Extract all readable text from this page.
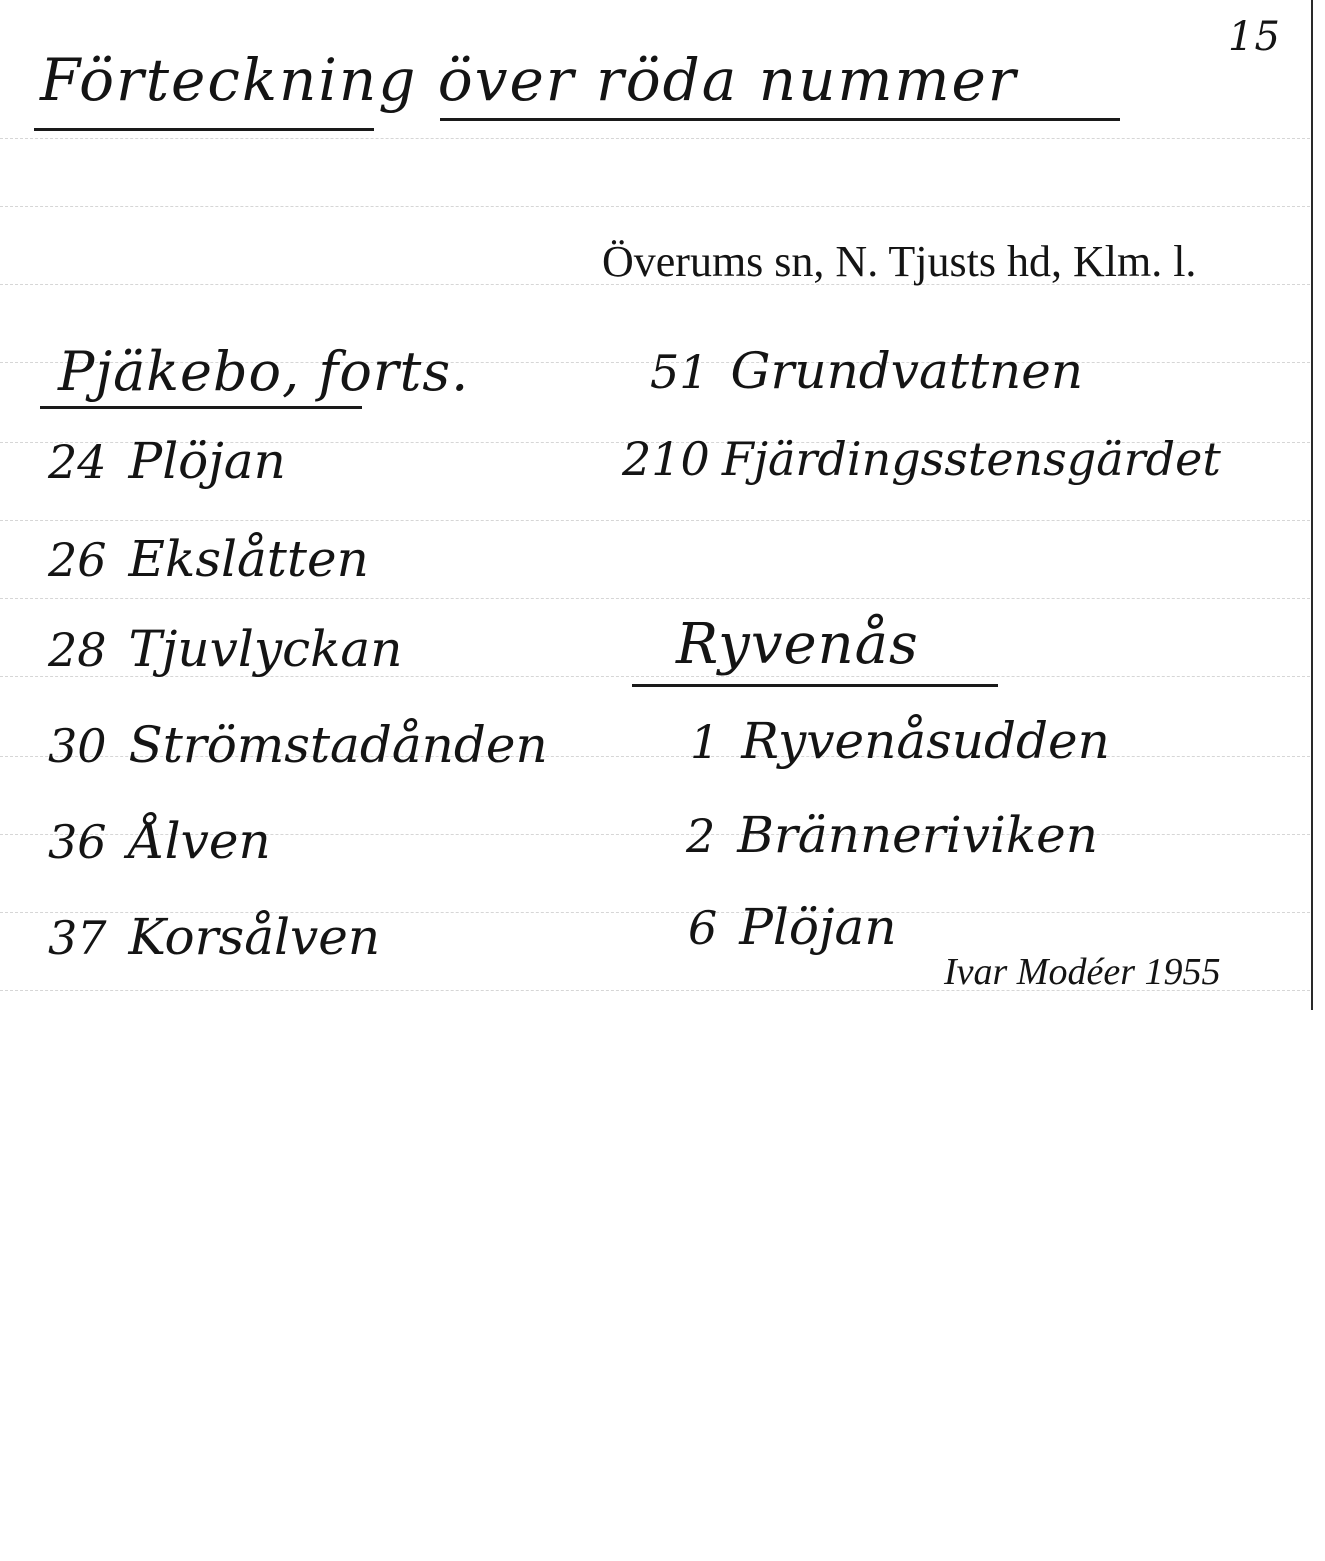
15
Förteckning över röda nummer
Överums sn, N. Tjusts hd, Klm. l.
Pjäkebo, forts.
24 Plöjan
26 Ekslåtten
28 Tjuvlyckan
30 Strömstadånden
36 Ålven
37 Korsålven
51 Grundvattnen
210 Fjärdingsstensgärdet
Ryvenås
1 Ryvenåsudden
2 Bränneriviken
6 Plöjan
Ivar Modéer 1955
